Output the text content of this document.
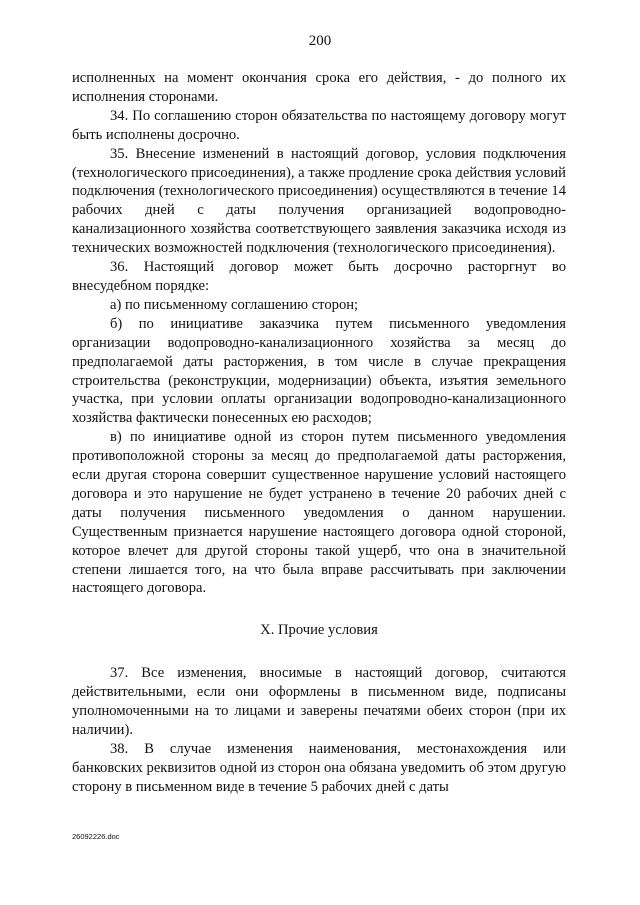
200

исполненных на момент окончания срока его действия, - до полного их исполнения сторонами.

34. По соглашению сторон обязательства по настоящему договору могут быть исполнены досрочно.

35. Внесение изменений в настоящий договор, условия подключения (технологического присоединения), а также продление срока действия условий подключения (технологического присоединения) осуществляются в течение 14 рабочих дней с даты получения организацией водопроводно-канализационного хозяйства соответствующего заявления заказчика исходя из технических возможностей подключения (технологического присоединения).

36. Настоящий договор может быть досрочно расторгнут во внесудебном порядке:

а) по письменному соглашению сторон;

б) по инициативе заказчика путем письменного уведомления организации водопроводно-канализационного хозяйства за месяц до предполагаемой даты расторжения, в том числе в случае прекращения строительства (реконструкции, модернизации) объекта, изъятия земельного участка, при условии оплаты организации водопроводно-канализационного хозяйства фактически понесенных ею расходов;

в) по инициативе одной из сторон путем письменного уведомления противоположной стороны за месяц до предполагаемой даты расторжения, если другая сторона совершит существенное нарушение условий настоящего договора и это нарушение не будет устранено в течение 20 рабочих дней с даты получения письменного уведомления о данном нарушении. Существенным признается нарушение настоящего договора одной стороной, которое влечет для другой стороны такой ущерб, что она в значительной степени лишается того, на что была вправе рассчитывать при заключении настоящего договора.

X. Прочие условия

37. Все изменения, вносимые в настоящий договор, считаются действительными, если они оформлены в письменном виде, подписаны уполномоченными на то лицами и заверены печатями обеих сторон (при их наличии).

38. В случае изменения наименования, местонахождения или банковских реквизитов одной из сторон она обязана уведомить об этом другую сторону в письменном виде в течение 5 рабочих дней с даты

26092226.doc
